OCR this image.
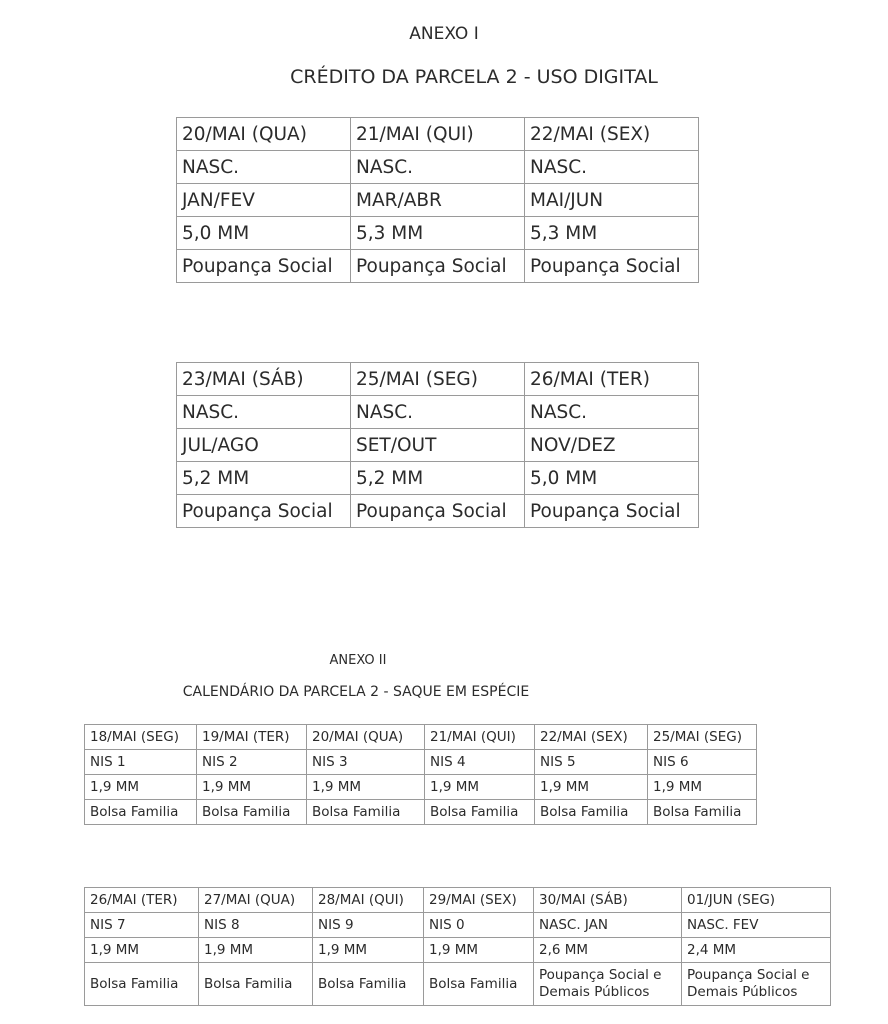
ANEXO I
CRÉDITO DA PARCELA 2 - USO DIGITAL
20/MAI (QUA)	21/MAI (QUI)	22/MAI (SEX)
NASC.	NASC.	NASC.
JAN/FEV	MAR/ABR	MAI/JUN
5,0 MM	5,3 MM	5,3 MM
Poupança Social	Poupança Social	Poupança Social
23/MAI (SÁB)	25/MAI (SEG)	26/MAI (TER)
NASC.	NASC.	NASC.
JUL/AGO	SET/OUT	NOV/DEZ
5,2 MM	5,2 MM	5,0 MM
Poupança Social	Poupança Social	Poupança Social
ANEXO II
CALENDÁRIO DA PARCELA 2 - SAQUE EM ESPÉCIE
18/MAI (SEG)	19/MAI (TER)	20/MAI (QUA)	21/MAI (QUI)	22/MAI (SEX)	25/MAI (SEG)
NIS 1	NIS 2	NIS 3	NIS 4	NIS 5	NIS 6
1,9 MM	1,9 MM	1,9 MM	1,9 MM	1,9 MM	1,9 MM
Bolsa Familia	Bolsa Familia	Bolsa Familia	Bolsa Familia	Bolsa Familia	Bolsa Familia
26/MAI (TER)	27/MAI (QUA)	28/MAI (QUI)	29/MAI (SEX)	30/MAI (SÁB)	01/JUN (SEG)
NIS 7	NIS 8	NIS 9	NIS 0	NASC. JAN	NASC. FEV
1,9 MM	1,9 MM	1,9 MM	1,9 MM	2,6 MM	2,4 MM
Bolsa Familia	Bolsa Familia	Bolsa Familia	Bolsa Familia	Poupança Social e Demais Públicos	Poupança Social e Demais Públicos
